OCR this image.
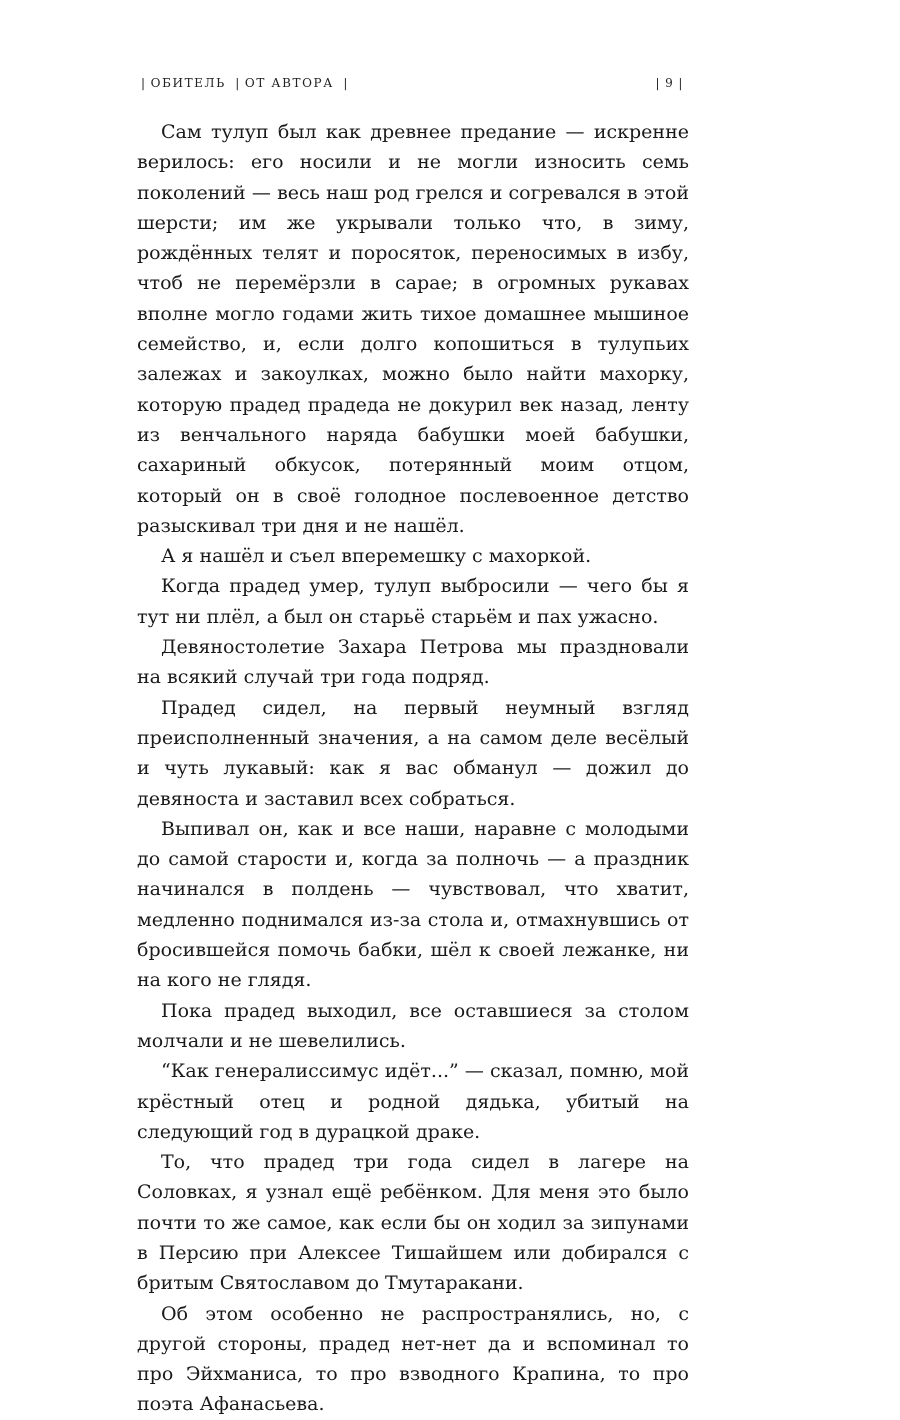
| ОБИТЕЛЬ | ОТ АВТОРА |	| 9 |

Сам тулуп был как древнее предание — искренне верилось: его носили и не могли износить семь поколений — весь наш род грелся и согревался в этой шерсти; им же укрывали только что, в зиму, рождённых телят и поросяток, переносимых в избу, чтоб не перемёрзли в сарае; в огромных рукавах вполне могло годами жить тихое домашнее мышиное семейство, и, если долго копошиться в тулупьих залежах и закоулках, можно было найти махорку, которую прадед прадеда не докурил век назад, ленту из венчального наряда бабушки моей бабушки, сахариный обкусок, потерянный моим отцом, который он в своё голодное послевоенное детство разыскивал три дня и не нашёл.

А я нашёл и съел вперемешку с махоркой.

Когда прадед умер, тулуп выбросили — чего бы я тут ни плёл, а был он старьё старьём и пах ужасно.

Девяностолетие Захара Петрова мы праздновали на всякий случай три года подряд.

Прадед сидел, на первый неумный взгляд преисполненный значения, а на самом деле весёлый и чуть лукавый: как я вас обманул — дожил до девяноста и заставил всех собраться.

Выпивал он, как и все наши, наравне с молодыми до самой старости и, когда за полночь — а праздник начинался в полдень — чувствовал, что хватит, медленно поднимался из-за стола и, отмахнувшись от бросившейся помочь бабки, шёл к своей лежанке, ни на кого не глядя.

Пока прадед выходил, все оставшиеся за столом молчали и не шевелились.

“Как генералиссимус идёт...” — сказал, помню, мой крёстный отец и родной дядька, убитый на следующий год в дурацкой драке.

То, что прадед три года сидел в лагере на Соловках, я узнал ещё ребёнком. Для меня это было почти то же самое, как если бы он ходил за зипунами в Персию при Алексее Тишайшем или добирался с бритым Святославом до Тмутаракани.

Об этом особенно не распространялись, но, с другой стороны, прадед нет-нет да и вспоминал то про Эйхманиса, то про взводного Крапина, то про поэта Афанасьева.
